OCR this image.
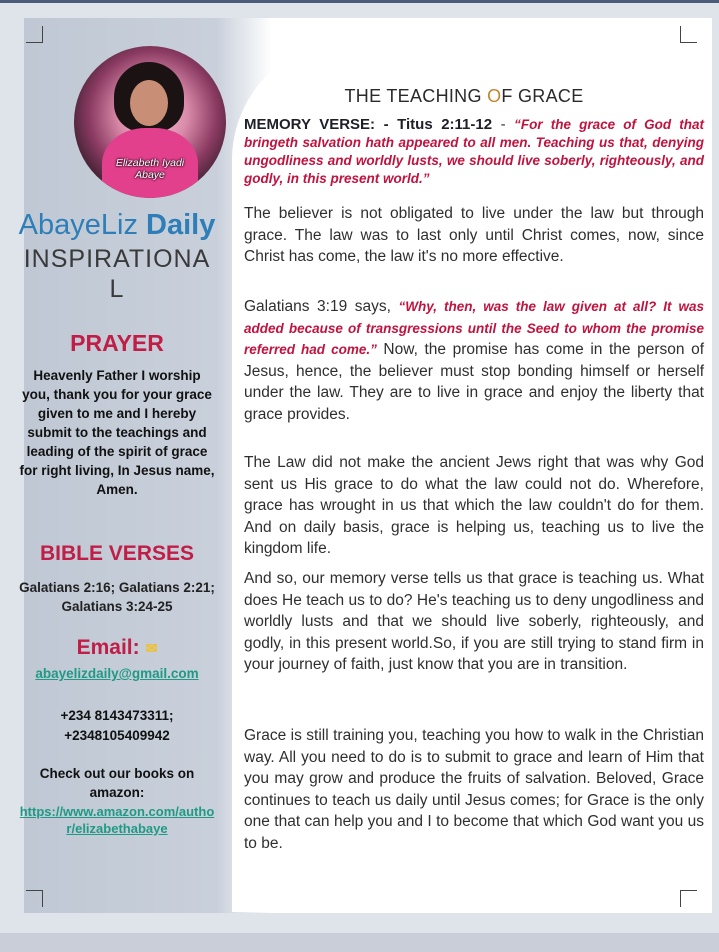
Elizabeth Iyadi
Abaye
AbayeLiz Daily
INSPIRATIONAL
PRAYER
Heavenly Father I worship you, thank you for your grace given to me and I hereby submit to the teachings and leading of the spirit of grace for right living, In Jesus name, Amen.
BIBLE VERSES
Galatians 2:16; Galatians 2:21; Galatians 3:24-25
Email: ✉
abayelizdaily@gmail.com
+234 8143473311;
+2348105409942
Check out our books on amazon:
https://www.amazon.com/author/elizabethabaye
THE TEACHING OF GRACE
MEMORY VERSE: - Titus 2:11-12 - “For the grace of God that bringeth salvation hath appeared to all men. Teaching us that, denying ungodliness and worldly lusts, we should live soberly, righteously, and godly, in this present world.”
The believer is not obligated to live under the law but through grace. The law was to last only until Christ comes, now, since Christ has come, the law it's no more effective.
Galatians 3:19 says, “Why, then, was the law given at all? It was added because of transgressions until the Seed to whom the promise referred had come.” Now, the promise has come in the person of Jesus, hence, the believer must stop bonding himself or herself under the law. They are to live in grace and enjoy the liberty that grace provides.
The Law did not make the ancient Jews right that was why God sent us His grace to do what the law could not do. Wherefore, grace has wrought in us that which the law couldn't do for them. And on daily basis, grace is helping us, teaching us to live the kingdom life.
And so, our memory verse tells us that grace is teaching us. What does He teach us to do? He's teaching us to deny ungodliness and worldly lusts and that we should live soberly, righteously, and godly, in this present world.So, if you are still trying to stand firm in your journey of faith, just know that you are in transition.
Grace is still training you, teaching you how to walk in the Christian way. All you need to do is to submit to grace and learn of Him that you may grow and produce the fruits of salvation. Beloved, Grace continues to teach us daily until Jesus comes; for Grace is the only one that can help you and I to become that which God want you us to be.
